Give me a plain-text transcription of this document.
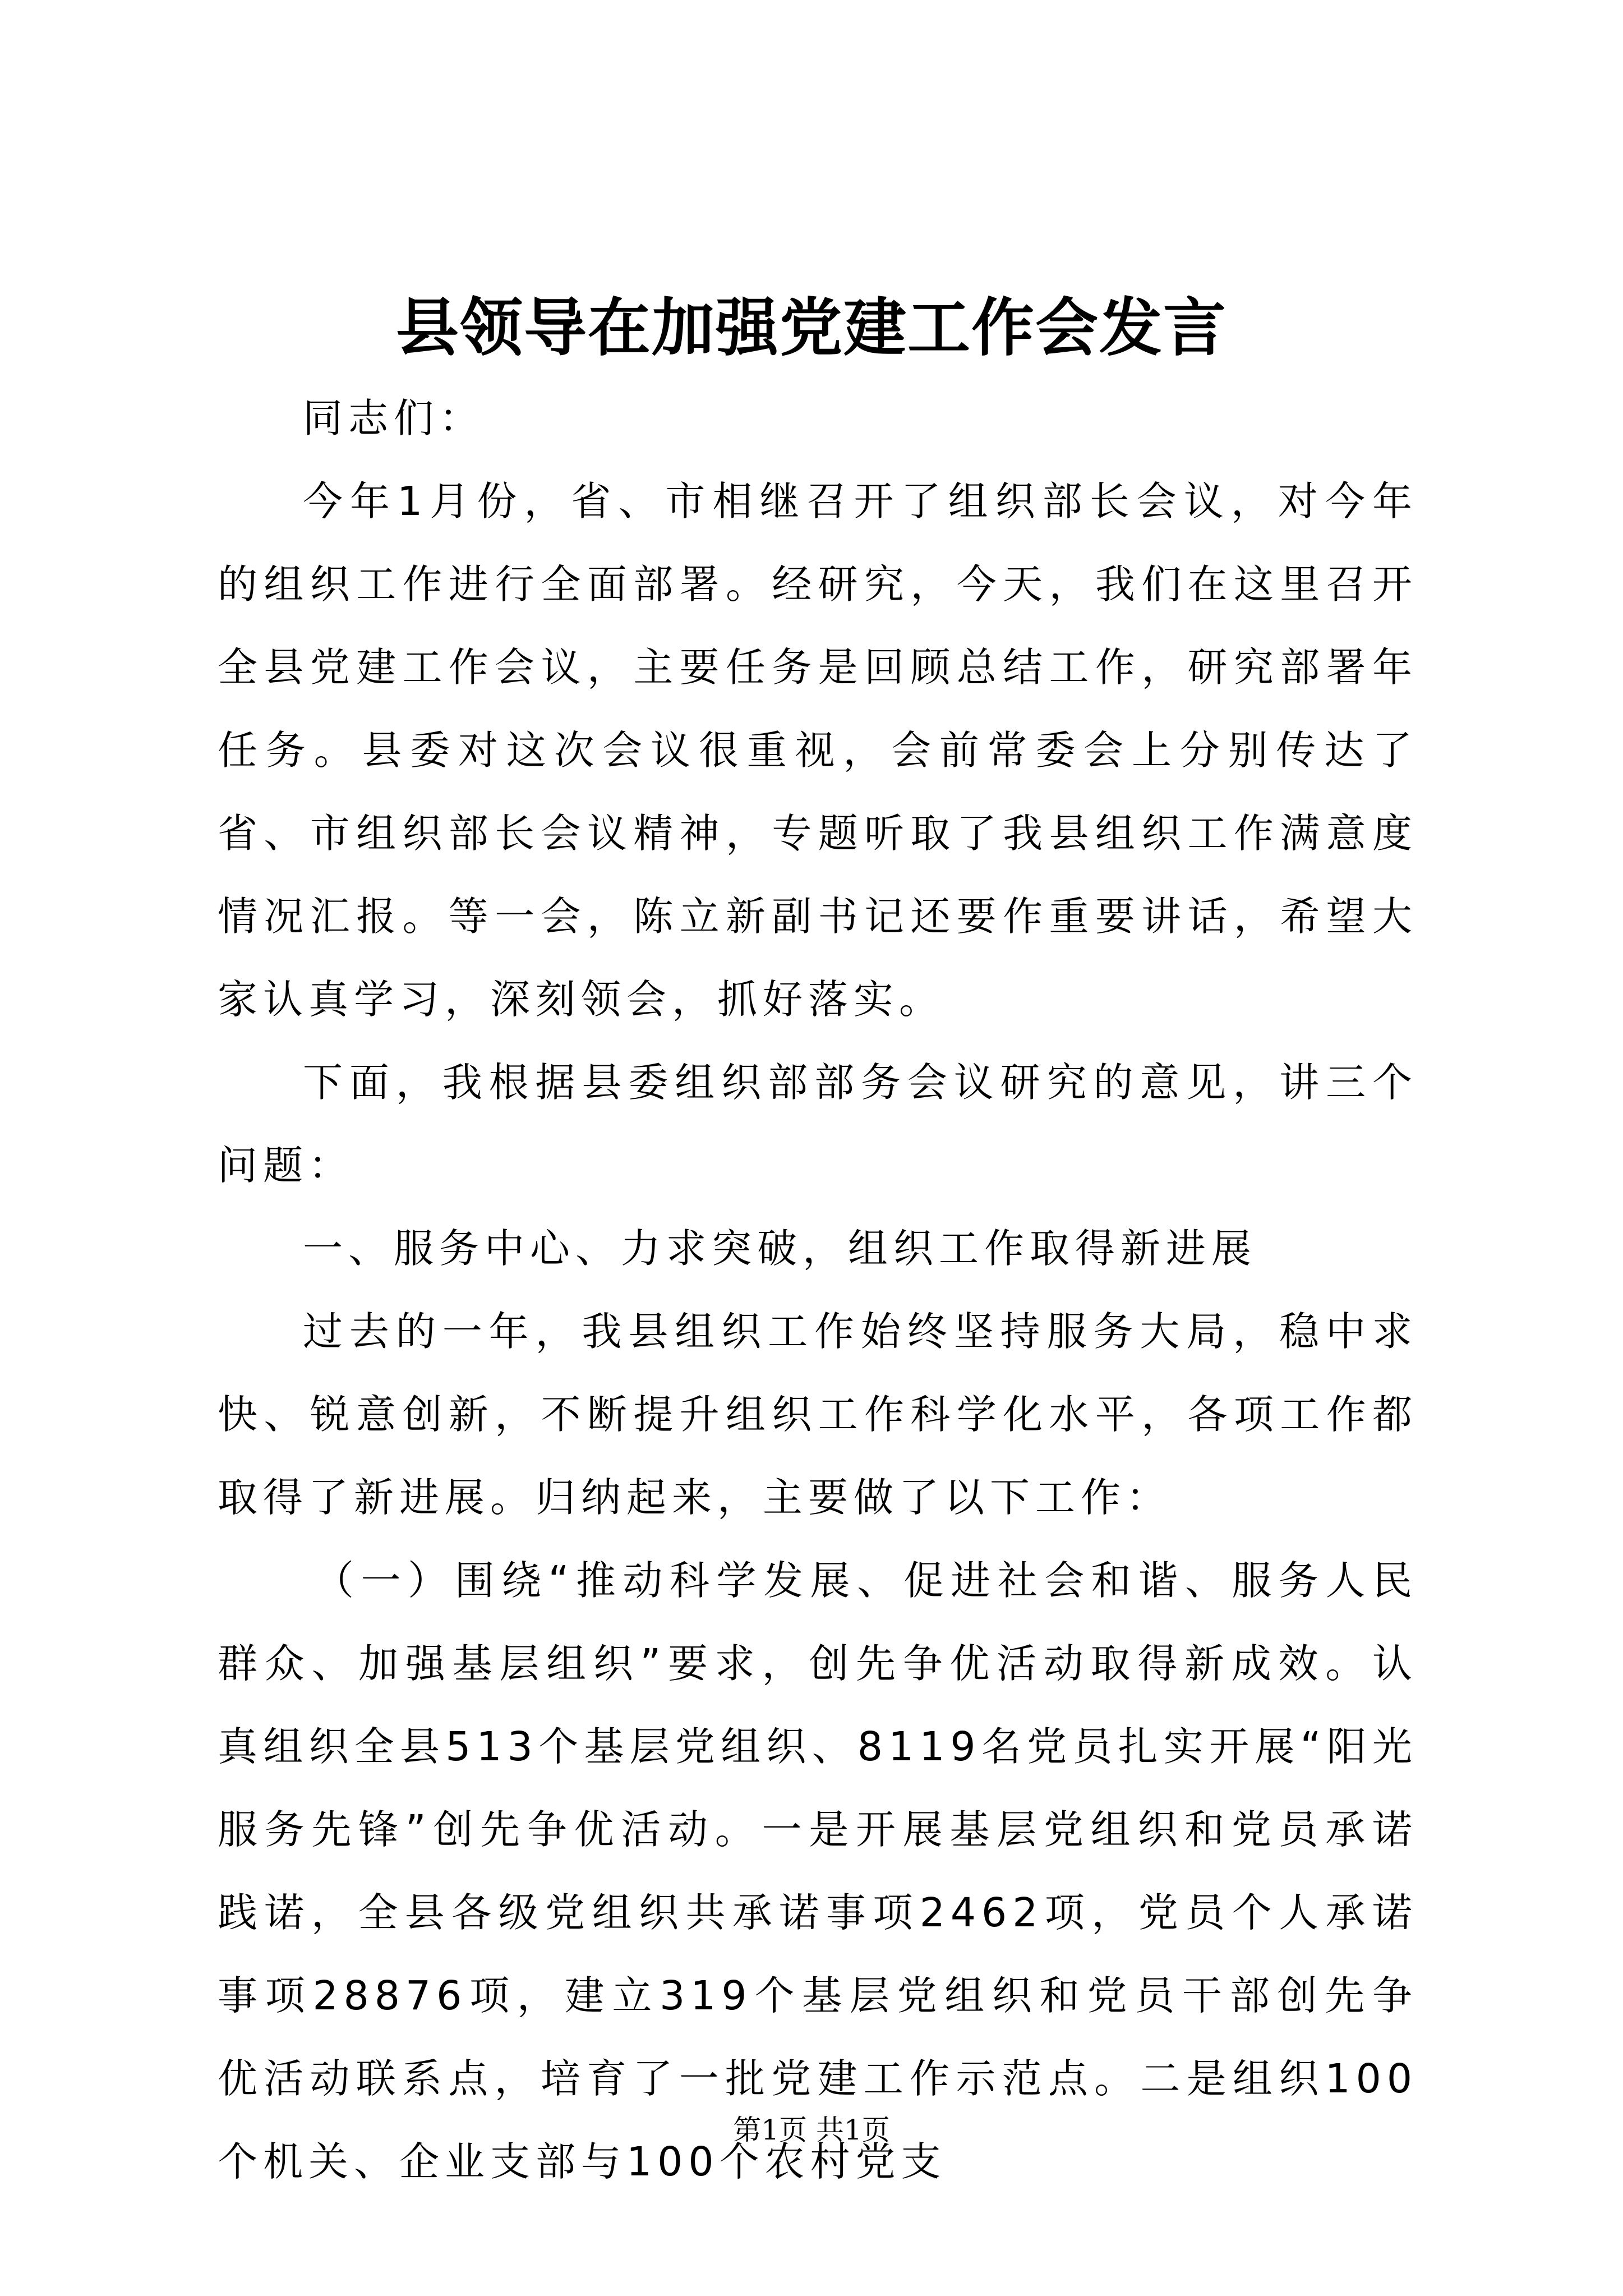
县领导在加强党建工作会发言

同志们：

今年1月份，省、市相继召开了组织部长会议，对今年的组织工作进行全面部署。经研究，今天，我们在这里召开全县党建工作会议，主要任务是回顾总结工作，研究部署年任务。县委对这次会议很重视，会前常委会上分别传达了省、市组织部长会议精神，专题听取了我县组织工作满意度情况汇报。等一会，陈立新副书记还要作重要讲话，希望大家认真学习，深刻领会，抓好落实。

下面，我根据县委组织部部务会议研究的意见，讲三个问题：

一、服务中心、力求突破，组织工作取得新进展

过去的一年，我县组织工作始终坚持服务大局，稳中求快、锐意创新，不断提升组织工作科学化水平，各项工作都取得了新进展。归纳起来，主要做了以下工作：

（一）围绕“推动科学发展、促进社会和谐、服务人民群众、加强基层组织”要求，创先争优活动取得新成效。认真组织全县513个基层党组织、8119名党员扎实开展“阳光服务先锋”创先争优活动。一是开展基层党组织和党员承诺践诺，全县各级党组织共承诺事项2462项，党员个人承诺事项28876项，建立319个基层党组织和党员干部创先争优活动联系点，培育了一批党建工作示范点。二是组织100个机关、企业支部与100个农村党支

第1页 共1页
